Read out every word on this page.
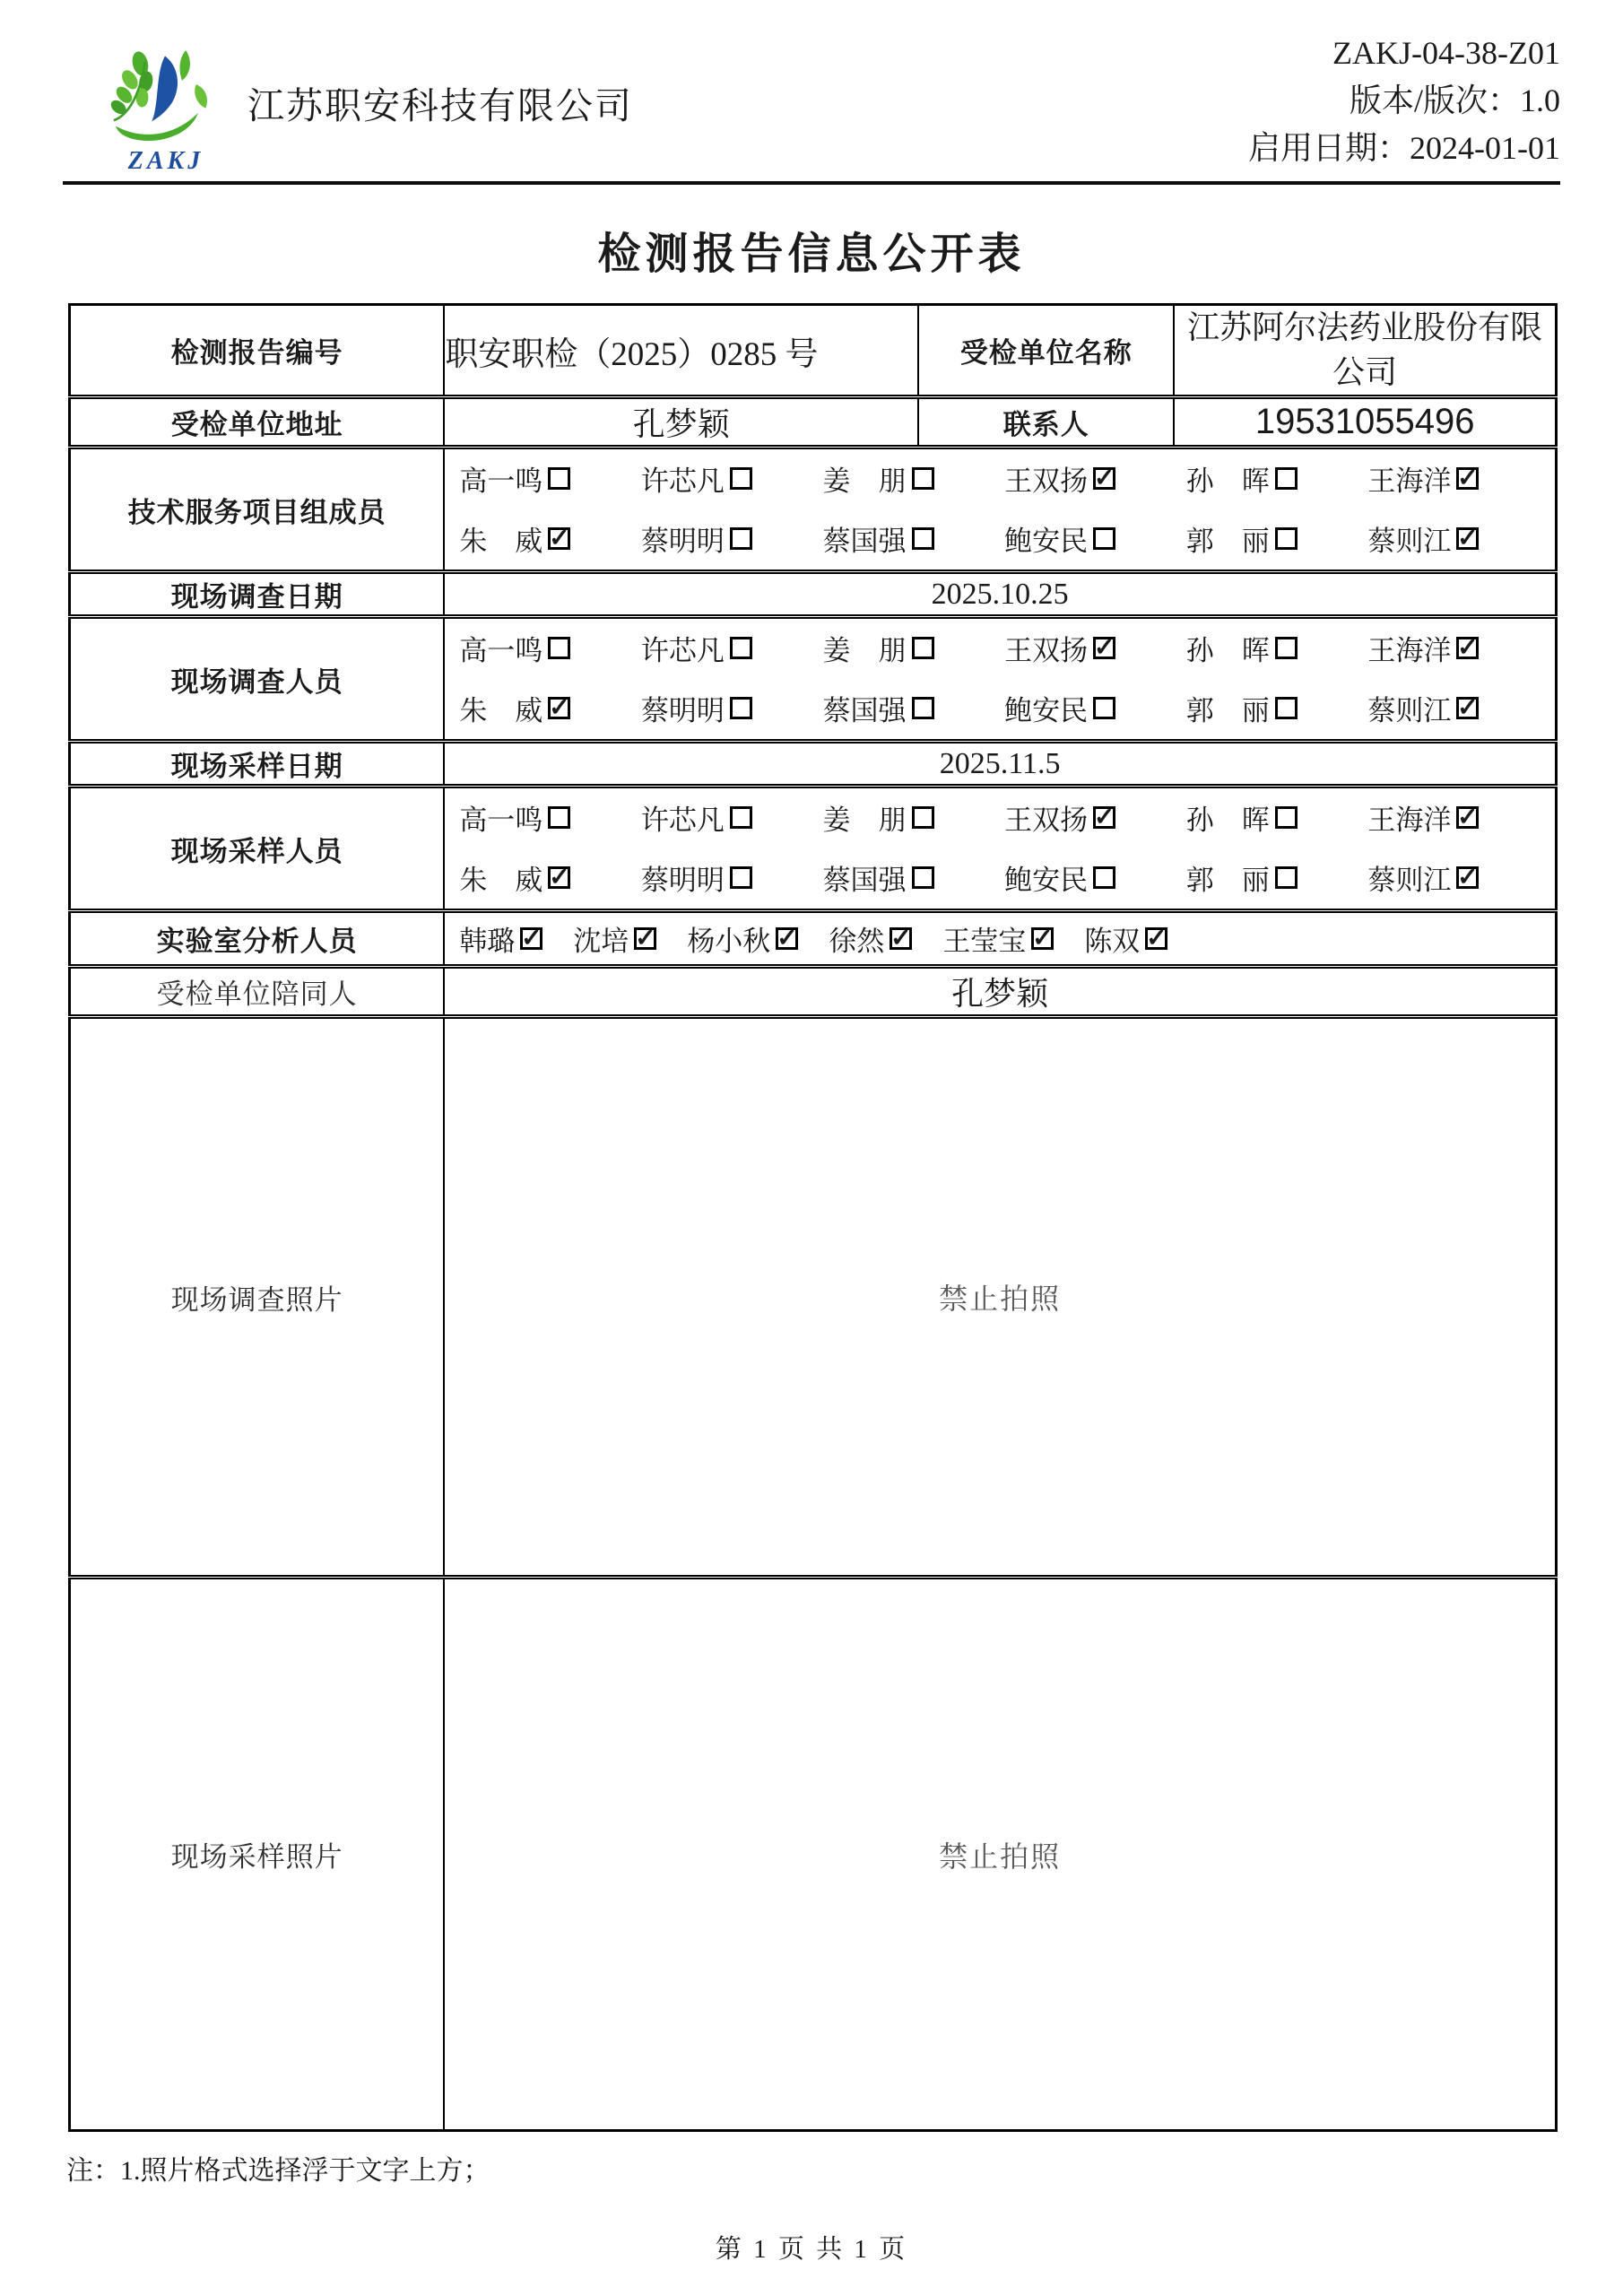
ZAKJ
江苏职安科技有限公司
ZAKJ-04-38-Z01
版本/版次：1.0
启用日期：2024-01-01
检测报告信息公开表
检测报告编号	职安职检（2025）0285 号	受检单位名称	江苏阿尔法药业股份有限公司
受检单位地址	孔梦颖	联系人	19531055496
技术服务项目组成员	
高一鸣	许芯凡	姜　朋	王双扬 ✓	孙　晖	王海洋 ✓
朱　威 ✓	蔡明明	蔡国强	鲍安民	郭　丽	蔡则江 ✓

现场调查日期	2025.10.25		
现场调查人员	
高一鸣	许芯凡	姜　朋	王双扬 ✓	孙　晖	王海洋 ✓
朱　威 ✓	蔡明明	蔡国强	鲍安民	郭　丽	蔡则江 ✓

现场采样日期	2025.11.5		
现场采样人员	
高一鸣	许芯凡	姜　朋	王双扬 ✓	孙　晖	王海洋 ✓
朱　威 ✓	蔡明明	蔡国强	鲍安民	郭　丽	蔡则江 ✓

实验室分析人员	韩璐 ✓ 沈培 ✓ 杨小秋 ✓ 徐然 ✓ 王莹宝 ✓ 陈双 ✓

受检单位陪同人	孔梦颖		
现场调查照片	禁止拍照		
现场采样照片	禁止拍照		
注：1.照片格式选择浮于文字上方；
第 1 页 共 1 页
